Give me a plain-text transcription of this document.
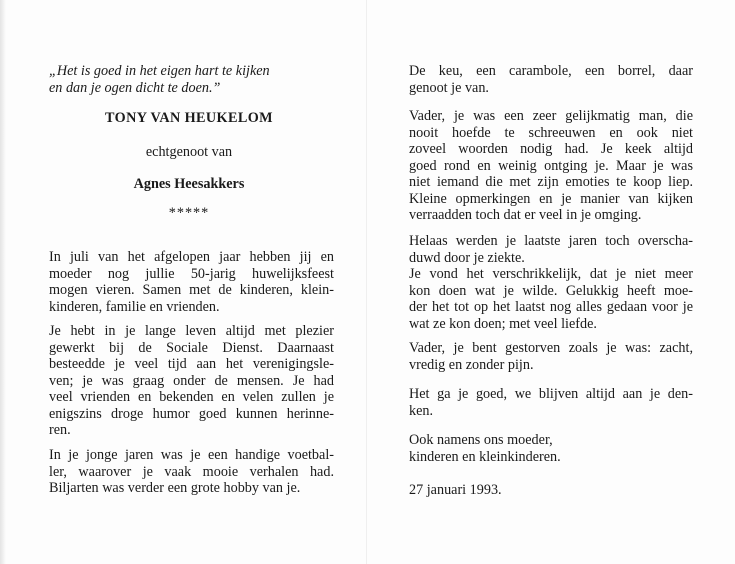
„Het is goed in het eigen hart te kijken
en dan je ogen dicht te doen.”
TONY VAN HEUKELOM
echtgenoot van
Agnes Heesakkers
*****
In juli van het afgelopen jaar hebben jij en
moeder nog jullie 50-jarig huwelijksfeest
mogen vieren. Samen met de kinderen, klein-
kinderen, familie en vrienden.
Je hebt in je lange leven altijd met plezier
gewerkt bij de Sociale Dienst. Daarnaast
besteedde je veel tijd aan het verenigingsle-
ven; je was graag onder de mensen. Je had
veel vrienden en bekenden en velen zullen je
enigszins droge humor goed kunnen herinne-
ren.
In je jonge jaren was je een handige voetbal-
ler, waarover je vaak mooie verhalen had.
Biljarten was verder een grote hobby van je.
De keu, een carambole, een borrel, daar
genoot je van.
Vader, je was een zeer gelijkmatig man, die
nooit hoefde te schreeuwen en ook niet
zoveel woorden nodig had. Je keek altijd
goed rond en weinig ontging je. Maar je was
niet iemand die met zijn emoties te koop liep.
Kleine opmerkingen en je manier van kijken
verraadden toch dat er veel in je omging.
Helaas werden je laatste jaren toch overscha-
duwd door je ziekte.
Je vond het verschrikkelijk, dat je niet meer
kon doen wat je wilde. Gelukkig heeft moe-
der het tot op het laatst nog alles gedaan voor je
wat ze kon doen; met veel liefde.
Vader, je bent gestorven zoals je was: zacht,
vredig en zonder pijn.
Het ga je goed, we blijven altijd aan je den-
ken.
Ook namens ons moeder,
kinderen en kleinkinderen.
27 januari 1993.
